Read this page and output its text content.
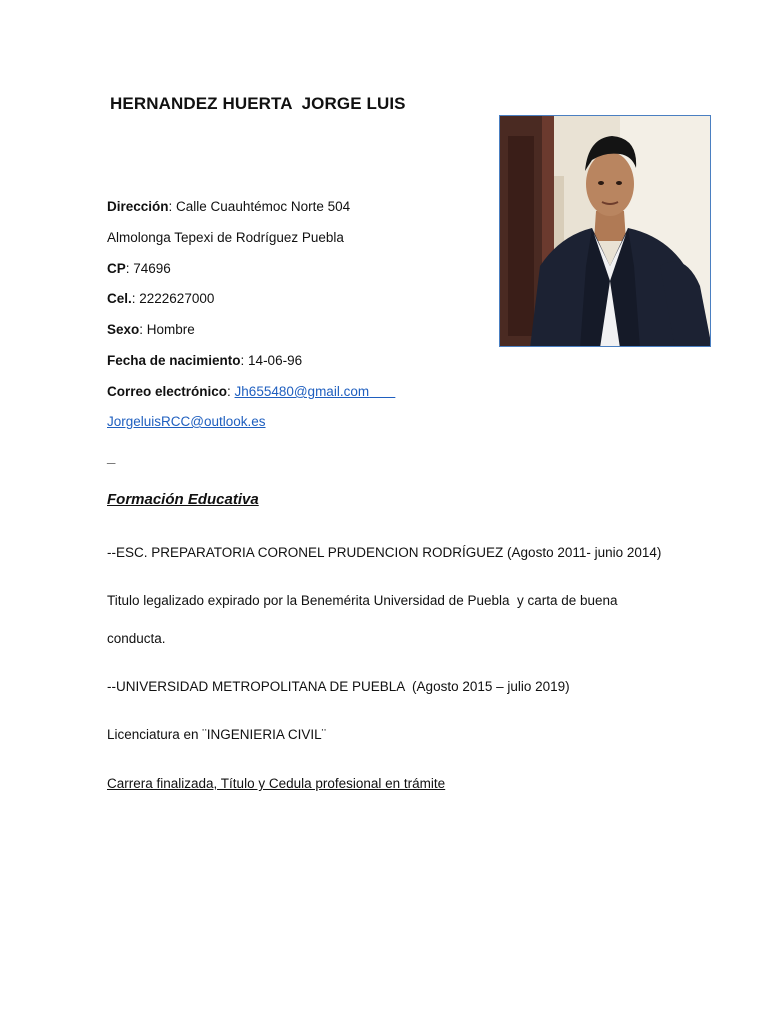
HERNANDEZ HUERTA  JORGE LUIS
Dirección: Calle Cuauhtémoc Norte 504
Almolonga Tepexi de Rodríguez Puebla
CP: 74696
Cel.: 2222627000
Sexo: Hombre
Fecha de nacimiento: 14-06-96
Correo electrónico: Jh655480@gmail.com
JorgeluisRCC@outlook.es
_
Formación Educativa
--ESC. PREPARATORIA CORONEL PRUDENCION RODRÍGUEZ (Agosto 2011- junio 2014)
Titulo legalizado expirado por la Benemérita Universidad de Puebla  y carta de buena
conducta.
--UNIVERSIDAD METROPOLITANA DE PUEBLA  (Agosto 2015 – julio 2019)
Licenciatura en ¨INGENIERIA CIVIL¨
Carrera finalizada, Título y Cedula profesional en trámite
